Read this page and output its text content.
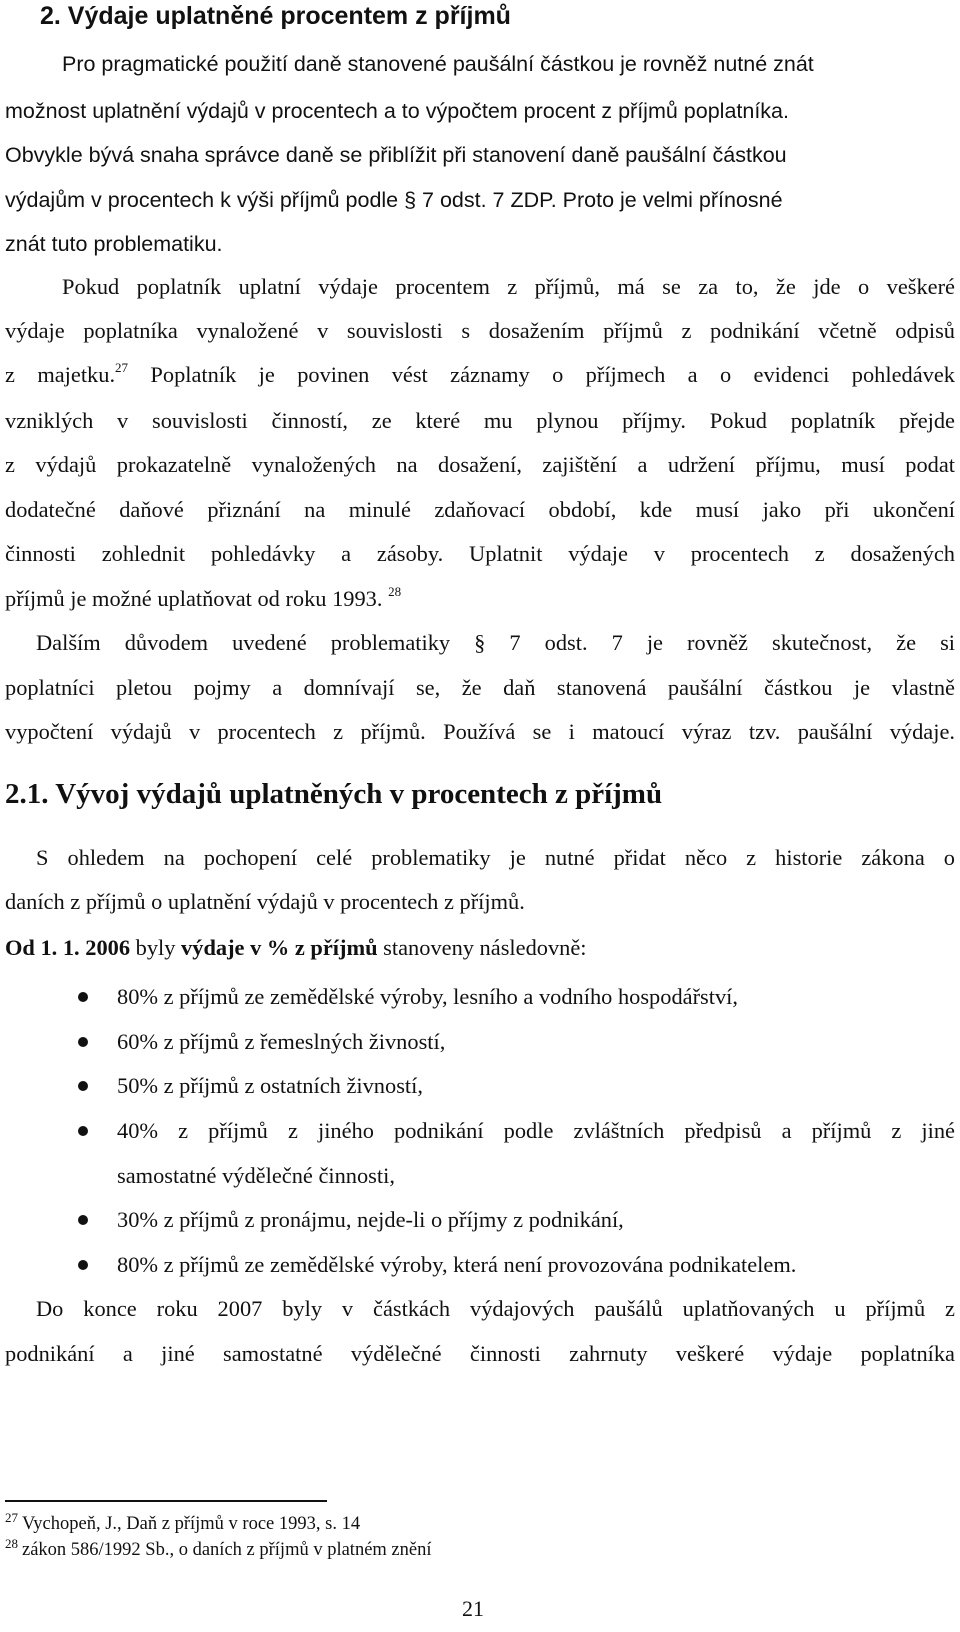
2. Výdaje uplatněné procentem z příjmů
Pro pragmatické použití daně stanovené paušální částkou je rovněž nutné znát
možnost uplatnění výdajů v procentech a to výpočtem procent z příjmů poplatníka.
Obvykle bývá snaha správce daně se přiblížit při stanovení daně paušální částkou
výdajům v procentech k výši příjmů podle § 7 odst. 7 ZDP. Proto je velmi přínosné
znát tuto problematiku.
Pokud poplatník uplatní výdaje procentem z příjmů, má se za to, že jde o veškeré
výdaje poplatníka vynaložené v souvislosti s dosažením příjmů z podnikání včetně odpisů
z majetku.$^{27}$ Poplatník je povinen vést záznamy o příjmech a o evidenci pohledávek
vzniklých v souvislosti činností, ze které mu plynou příjmy. Pokud poplatník přejde
z výdajů prokazatelně vynaložených na dosažení, zajištění a udržení příjmu, musí podat
dodatečné daňové přiznání na minulé zdaňovací období, kde musí jako při ukončení
činnosti zohlednit pohledávky a zásoby. Uplatnit výdaje v procentech z dosažených
příjmů je možné uplatňovat od roku 1993. $^{28}$
Dalším důvodem uvedené problematiky § 7 odst. 7 je rovněž skutečnost, že si
poplatníci pletou pojmy a domnívají se, že daň stanovená paušální částkou je vlastně
vypočtení výdajů v procentech z příjmů. Používá se i matoucí výraz tzv. paušální výdaje.
2.1. Vývoj výdajů uplatněných v procentech z příjmů
S ohledem na pochopení celé problematiky je nutné přidat něco z historie zákona o
daních z příjmů o uplatnění výdajů v procentech z příjmů.
Od 1. 1. 2006 byly výdaje v % z příjmů stanoveny následovně:
80% z příjmů ze zemědělské výroby, lesního a vodního hospodářství,
60% z příjmů z řemeslných živností,
50% z příjmů z ostatních živností,
40% z příjmů z jiného podnikání podle zvláštních předpisů a příjmů z jiné
samostatné výdělečné činnosti,
30% z příjmů z pronájmu, nejde-li o příjmy z podnikání,
80% z příjmů ze zemědělské výroby, která není provozována podnikatelem.
Do konce roku 2007 byly v částkách výdajových paušálů uplatňovaných u příjmů z
podnikání a jiné samostatné výdělečné činnosti zahrnuty veškeré výdaje poplatníka
$^{27}$ Vychopeň, J., Daň z příjmů v roce 1993, s. 14
$^{28}$ zákon 586/1992 Sb., o daních z příjmů v platném znění
21
